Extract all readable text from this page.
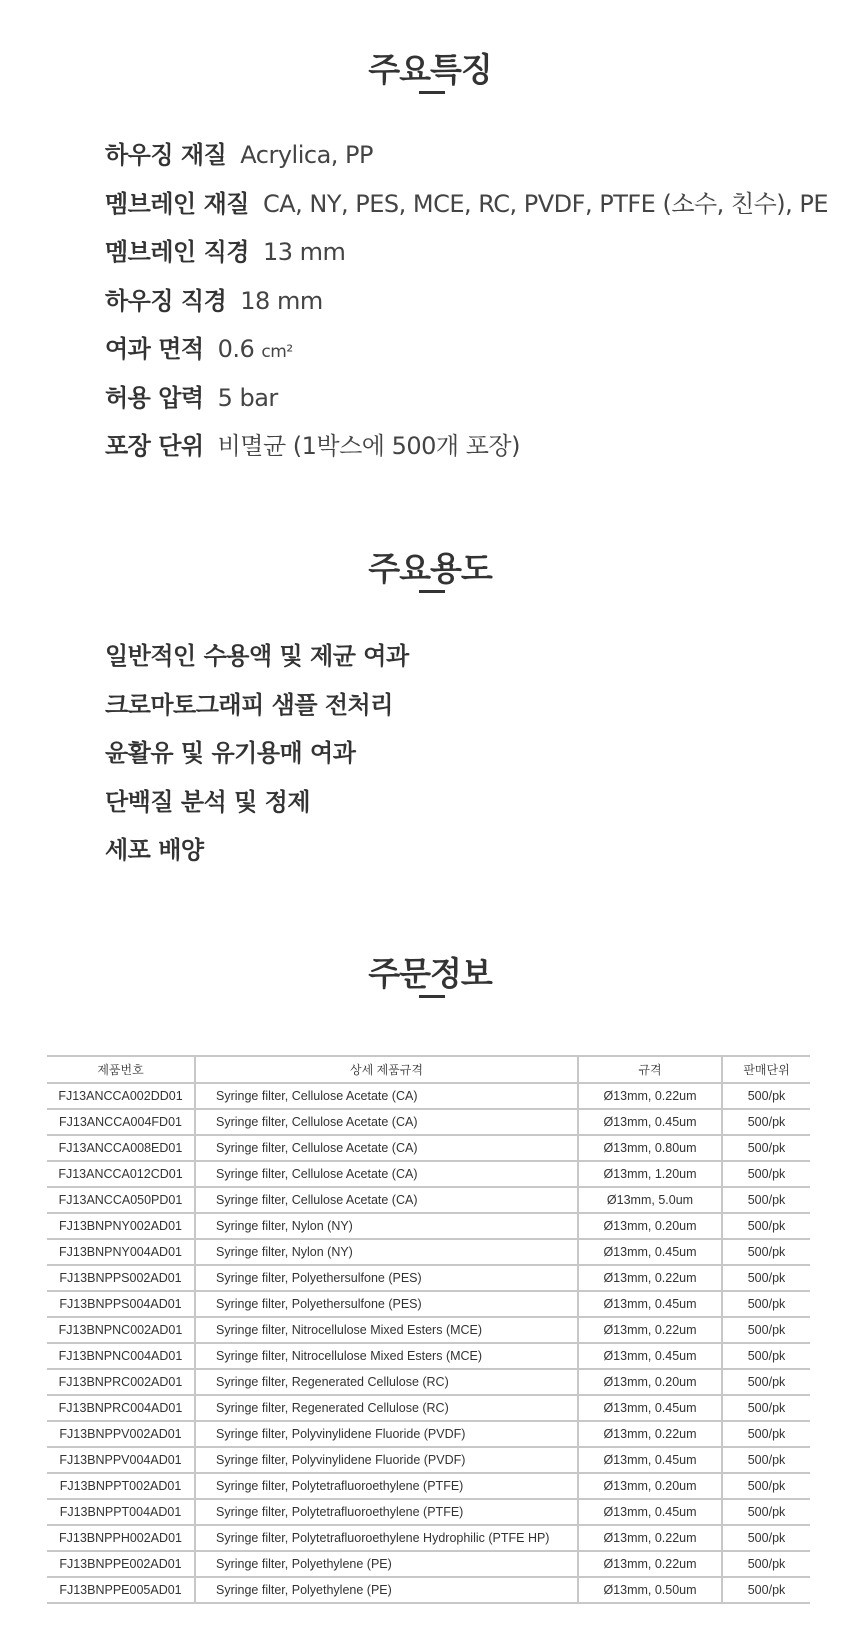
주요특징
하우징 재질 Acrylica, PP
멤브레인 재질 CA, NY, PES, MCE, RC, PVDF, PTFE (소수, 친수), PE
멤브레인 직경 13 mm
하우징 직경 18 mm
여과 면적 0.6 cm²
허용 압력 5 bar
포장 단위 비멸균 (1박스에 500개 포장)
주요용도
일반적인 수용액 및 제균 여과
크로마토그래피 샘플 전처리
윤활유 및 유기용매 여과
단백질 분석 및 정제
세포 배양
주문정보
제품번호	상세 제품규격	규격	판매단위
FJ13ANCCA002DD01	Syringe filter, Cellulose Acetate (CA)	Ø13mm, 0.22um	500/pk
FJ13ANCCA004FD01	Syringe filter, Cellulose Acetate (CA)	Ø13mm, 0.45um	500/pk
FJ13ANCCA008ED01	Syringe filter, Cellulose Acetate (CA)	Ø13mm, 0.80um	500/pk
FJ13ANCCA012CD01	Syringe filter, Cellulose Acetate (CA)	Ø13mm, 1.20um	500/pk
FJ13ANCCA050PD01	Syringe filter, Cellulose Acetate (CA)	Ø13mm, 5.0um	500/pk
FJ13BNPNY002AD01	Syringe filter, Nylon (NY)	Ø13mm, 0.20um	500/pk
FJ13BNPNY004AD01	Syringe filter, Nylon (NY)	Ø13mm, 0.45um	500/pk
FJ13BNPPS002AD01	Syringe filter, Polyethersulfone (PES)	Ø13mm, 0.22um	500/pk
FJ13BNPPS004AD01	Syringe filter, Polyethersulfone (PES)	Ø13mm, 0.45um	500/pk
FJ13BNPNC002AD01	Syringe filter, Nitrocellulose Mixed Esters (MCE)	Ø13mm, 0.22um	500/pk
FJ13BNPNC004AD01	Syringe filter, Nitrocellulose Mixed Esters (MCE)	Ø13mm, 0.45um	500/pk
FJ13BNPRC002AD01	Syringe filter, Regenerated Cellulose (RC)	Ø13mm, 0.20um	500/pk
FJ13BNPRC004AD01	Syringe filter, Regenerated Cellulose (RC)	Ø13mm, 0.45um	500/pk
FJ13BNPPV002AD01	Syringe filter, Polyvinylidene Fluoride (PVDF)	Ø13mm, 0.22um	500/pk
FJ13BNPPV004AD01	Syringe filter, Polyvinylidene Fluoride (PVDF)	Ø13mm, 0.45um	500/pk
FJ13BNPPT002AD01	Syringe filter, Polytetrafluoroethylene (PTFE)	Ø13mm, 0.20um	500/pk
FJ13BNPPT004AD01	Syringe filter, Polytetrafluoroethylene (PTFE)	Ø13mm, 0.45um	500/pk
FJ13BNPPH002AD01	Syringe filter, Polytetrafluoroethylene Hydrophilic (PTFE HP)	Ø13mm, 0.22um	500/pk
FJ13BNPPE002AD01	Syringe filter, Polyethylene (PE)	Ø13mm, 0.22um	500/pk
FJ13BNPPE005AD01	Syringe filter, Polyethylene (PE)	Ø13mm, 0.50um	500/pk
